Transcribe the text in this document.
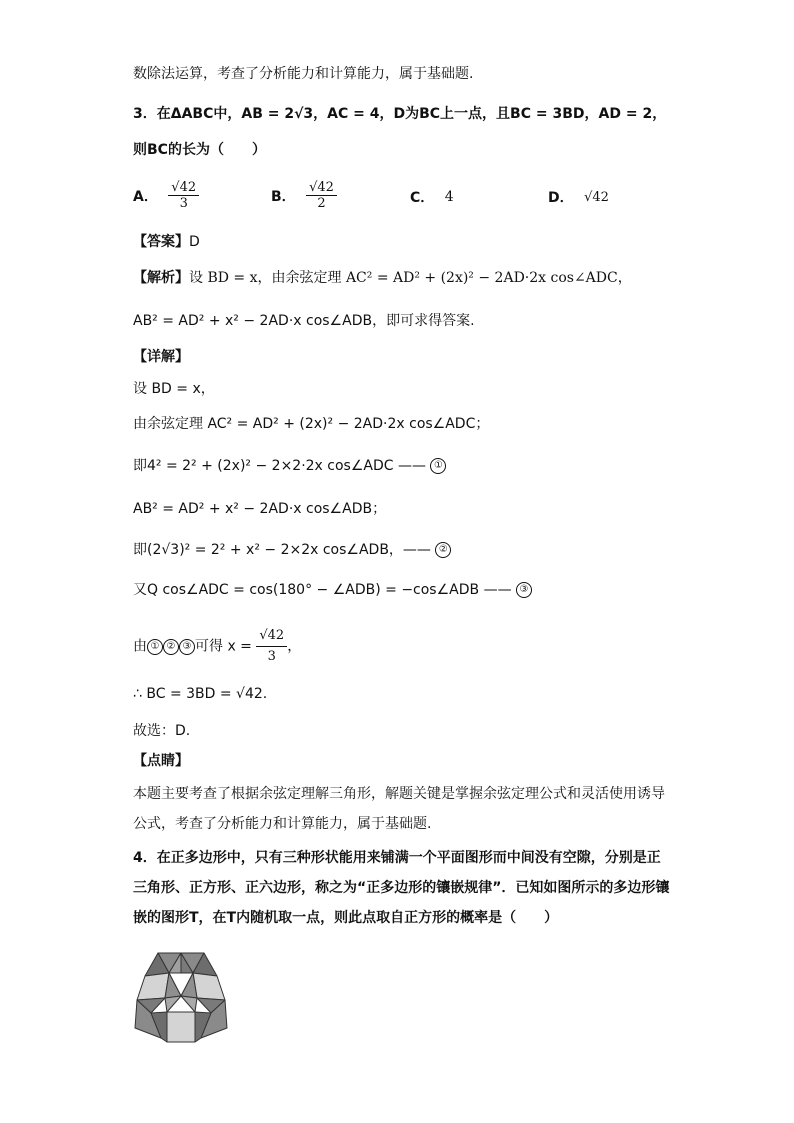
数除法运算，考查了分析能力和计算能力，属于基础题.
3．在ΔABC中，AB = 2√3，AC = 4，D为BC上一点，且BC = 3BD，AD = 2，
则BC的长为（　　）
A． $\frac{√42}{3}$	B． $\frac{√42}{2}$	C． 4	D． √42
【答案】D
【解析】设 BD = x，由余弦定理 AC² = AD² + (2x)² − 2AD·2x cos∠ADC，
AB² = AD² + x² − 2AD·x cos∠ADB，即可求得答案.
【详解】
设 BD = x，
由余弦定理 AC² = AD² + (2x)² − 2AD·2x cos∠ADC；
即4² = 2² + (2x)² − 2×2·2x cos∠ADC —— ①
AB² = AD² + x² − 2AD·x cos∠ADB；
即(2√3)² = 2² + x² − 2×2x cos∠ADB，—— ②
又Q cos∠ADC = cos(180° − ∠ADB) = −cos∠ADB —— ③
由 ① ② ③ 可得 $x = \frac{√42}{3}$ ，
∴ BC = 3BD = √42.
故选：D.
【点睛】
本题主要考查了根据余弦定理解三角形，解题关键是掌握余弦定理公式和灵活使用诱导
公式，考查了分析能力和计算能力，属于基础题.
4．在正多边形中，只有三种形状能用来铺满一个平面图形而中间没有空隙，分别是正
三角形、正方形、正六边形，称之为“正多边形的镶嵌规律”．已知如图所示的多边形镶
嵌的图形T，在T内随机取一点，则此点取自正方形的概率是（　　）
